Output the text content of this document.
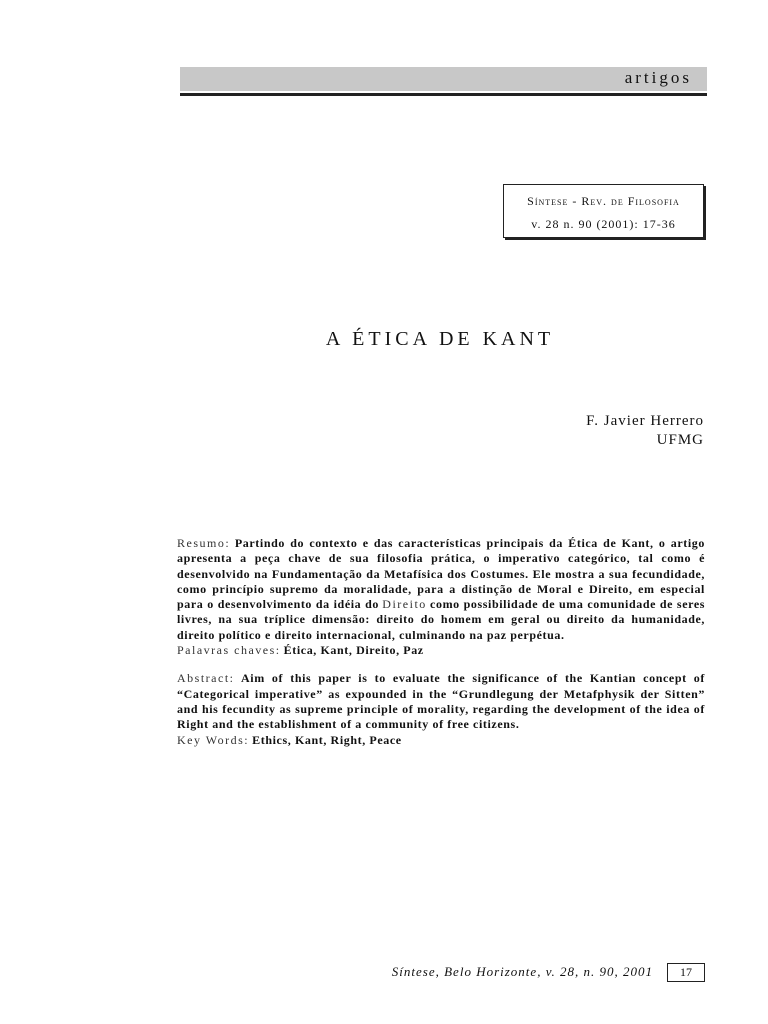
artigos
Síntese - Rev. de Filosofia
v. 28 n. 90 (2001): 17-36
A ÉTICA DE KANT
F. Javier Herrero
UFMG
Resumo: Partindo do contexto e das características principais da Ética de Kant, o artigo apresenta a peça chave de sua filosofia prática, o imperativo categórico, tal como é desenvolvido na Fundamentação da Metafísica dos Costumes. Ele mostra a sua fecundidade, como princípio supremo da moralidade, para a distinção de Moral e Direito, em especial para o desenvolvimento da idéia do Direito como possibilidade de uma comunidade de seres livres, na sua tríplice dimensão: direito do homem em geral ou direito da humanidade, direito político e direito internacional, culminando na paz perpétua.
Palavras chaves: Ética, Kant, Direito, Paz
Abstract: Aim of this paper is to evaluate the significance of the Kantian concept of “Categorical imperative” as expounded in the “Grundlegung der Metafphysik der Sitten” and his fecundity as supreme principle of morality, regarding the development of the idea of Right and the establishment of a community of free citizens.
Key Words: Ethics, Kant, Right, Peace
Síntese, Belo Horizonte, v. 28, n. 90, 2001	17
